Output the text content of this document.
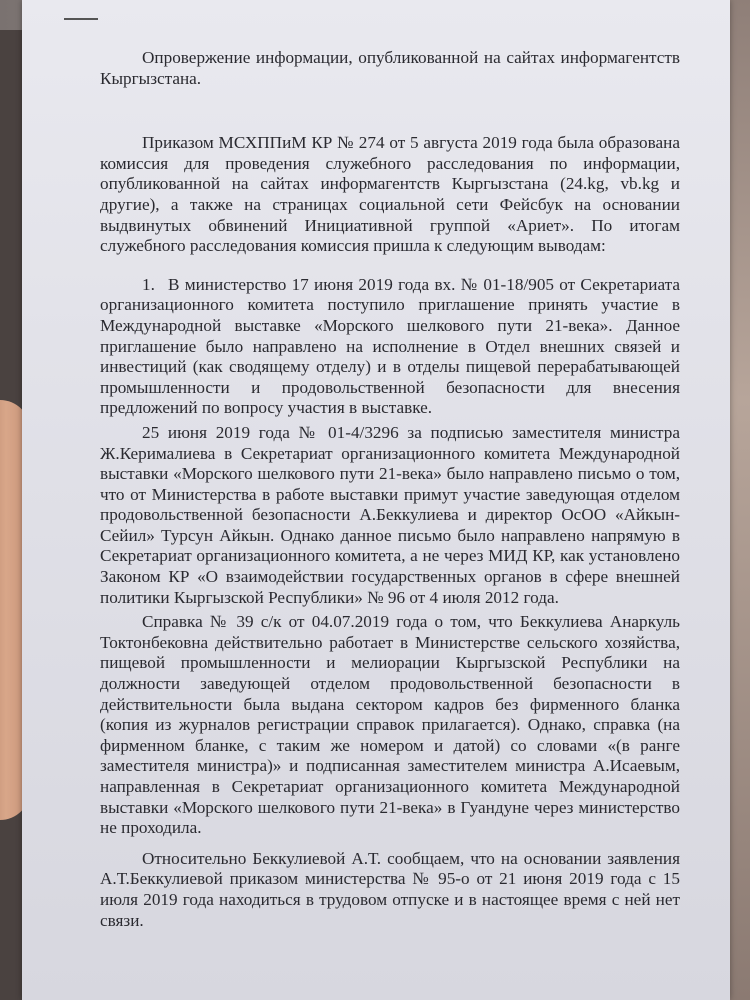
Опровержение информации, опубликованной на сайтах информагентств Кыргызстана.

Приказом МСХППиМ КР № 274 от 5 августа 2019 года была образована комиссия для проведения служебного расследования по информации, опубликованной на сайтах информагентств Кыргызстана (24.kg, vb.kg и другие), а также на страницах социальной сети Фейсбук на основании выдвинутых обвинений Инициативной группой «Ариет». По итогам служебного расследования комиссия пришла к следующим выводам:

1. В министерство 17 июня 2019 года вх. № 01-18/905 от Секретариата организационного комитета поступило приглашение принять участие в Международной выставке «Морского шелкового пути 21-века». Данное приглашение было направлено на исполнение в Отдел внешних связей и инвестиций (как сводящему отделу) и в отделы пищевой перерабатывающей промышленности и продовольственной безопасности для внесения предложений по вопросу участия в выставке.

25 июня 2019 года № 01-4/3296 за подписью заместителя министра Ж.Керималиева в Секретариат организационного комитета Международной выставки «Морского шелкового пути 21-века» было направлено письмо о том, что от Министерства в работе выставки примут участие заведующая отделом продовольственной безопасности А.Беккулиева и директор ОсОО «Айкын-Сейил» Турсун Айкын. Однако данное письмо было направлено напрямую в Секретариат организационного комитета, а не через МИД КР, как установлено Законом КР «О взаимодействии государственных органов в сфере внешней политики Кыргызской Республики» № 96 от 4 июля 2012 года.

Справка № 39 с/к от 04.07.2019 года о том, что Беккулиева Анаркуль Токтонбековна действительно работает в Министерстве сельского хозяйства, пищевой промышленности и мелиорации Кыргызской Республики на должности заведующей отделом продовольственной безопасности в действительности была выдана сектором кадров без фирменного бланка (копия из журналов регистрации справок прилагается). Однако, справка (на фирменном бланке, с таким же номером и датой) со словами «(в ранге заместителя министра)» и подписанная заместителем министра А.Исаевым, направленная в Секретариат организационного комитета Международной выставки «Морского шелкового пути 21-века» в Гуандуне через министерство не проходила.

Относительно Беккулиевой А.Т. сообщаем, что на основании заявления А.Т.Беккулиевой приказом министерства № 95-о от 21 июня 2019 года с 15 июля 2019 года находиться в трудовом отпуске и в настоящее время с ней нет связи.
